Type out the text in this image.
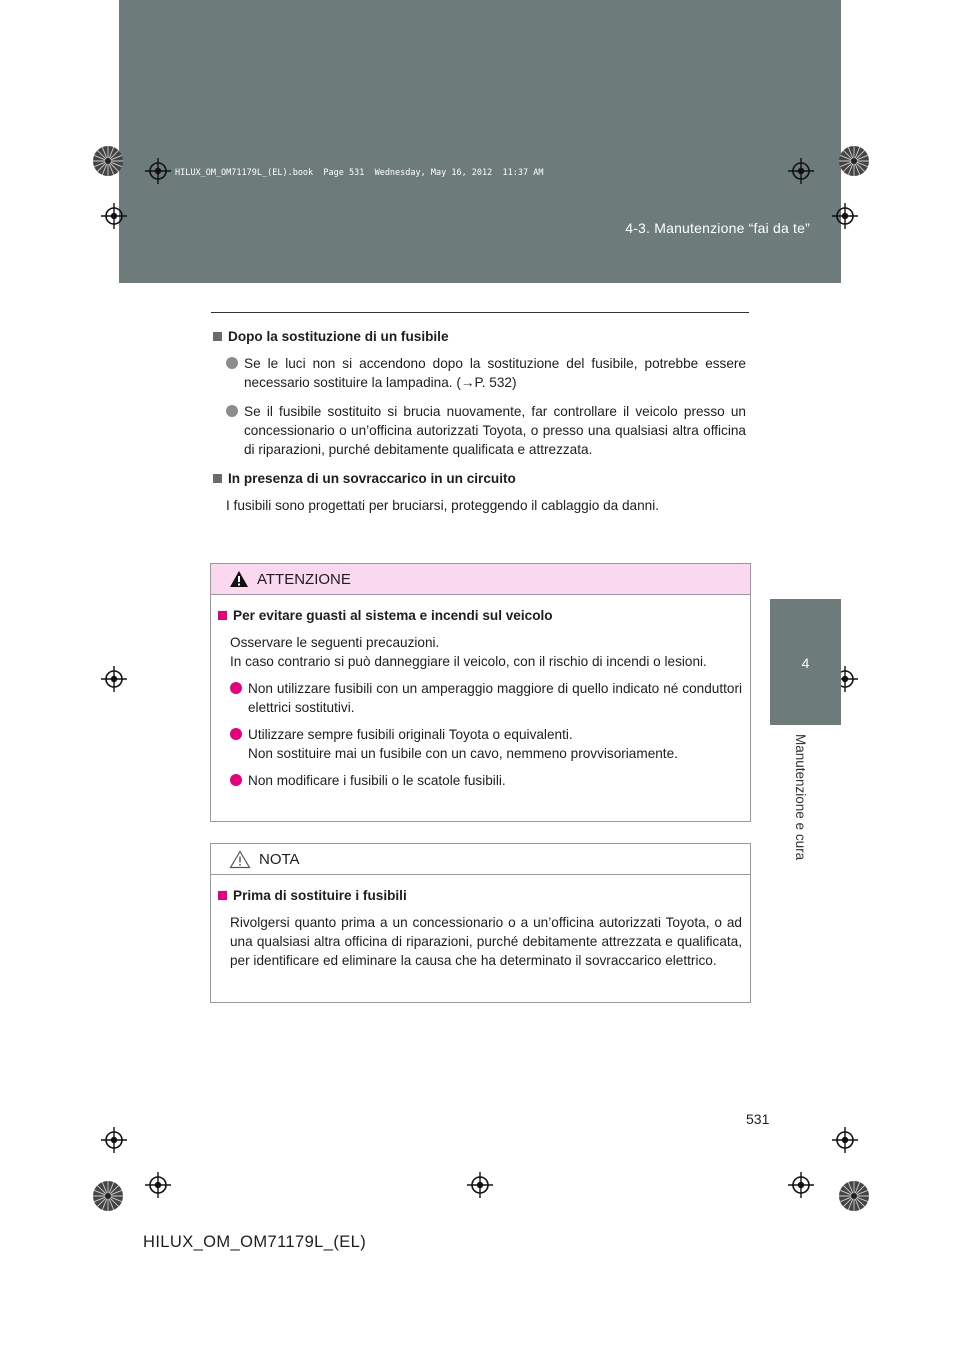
HILUX_OM_OM71179L_(EL).book  Page 531  Wednesday, May 16, 2012  11:37 AM
4-3. Manutenzione “fai da te”
4
Manutenzione e cura
Dopo la sostituzione di un fusibile
Se le luci non si accendono dopo la sostituzione del fusibile, potrebbe essere necessario sostituire la lampadina. (→P. 532)
Se il fusibile sostituito si brucia nuovamente, far controllare il veicolo presso un concessionario o un’officina autorizzati Toyota, o presso una qualsiasi altra officina di riparazioni, purché debitamente qualificata e attrezzata.
In presenza di un sovraccarico in un circuito
I fusibili sono progettati per bruciarsi, proteggendo il cablaggio da danni.
ATTENZIONE
Per evitare guasti al sistema e incendi sul veicolo
Osservare le seguenti precauzioni.
In caso contrario si può danneggiare il veicolo, con il rischio di incendi o lesioni.
Non utilizzare fusibili con un amperaggio maggiore di quello indicato né conduttori elettrici sostitutivi.
Utilizzare sempre fusibili originali Toyota o equivalenti.
Non sostituire mai un fusibile con un cavo, nemmeno provvisoriamente.
Non modificare i fusibili o le scatole fusibili.
NOTA
Prima di sostituire i fusibili
Rivolgersi quanto prima a un concessionario o a un’officina autorizzati Toyota, o ad una qualsiasi altra officina di riparazioni, purché debitamente attrezzata e qualificata, per identificare ed eliminare la causa che ha determinato il sovraccarico elettrico.
531
HILUX_OM_OM71179L_(EL)
